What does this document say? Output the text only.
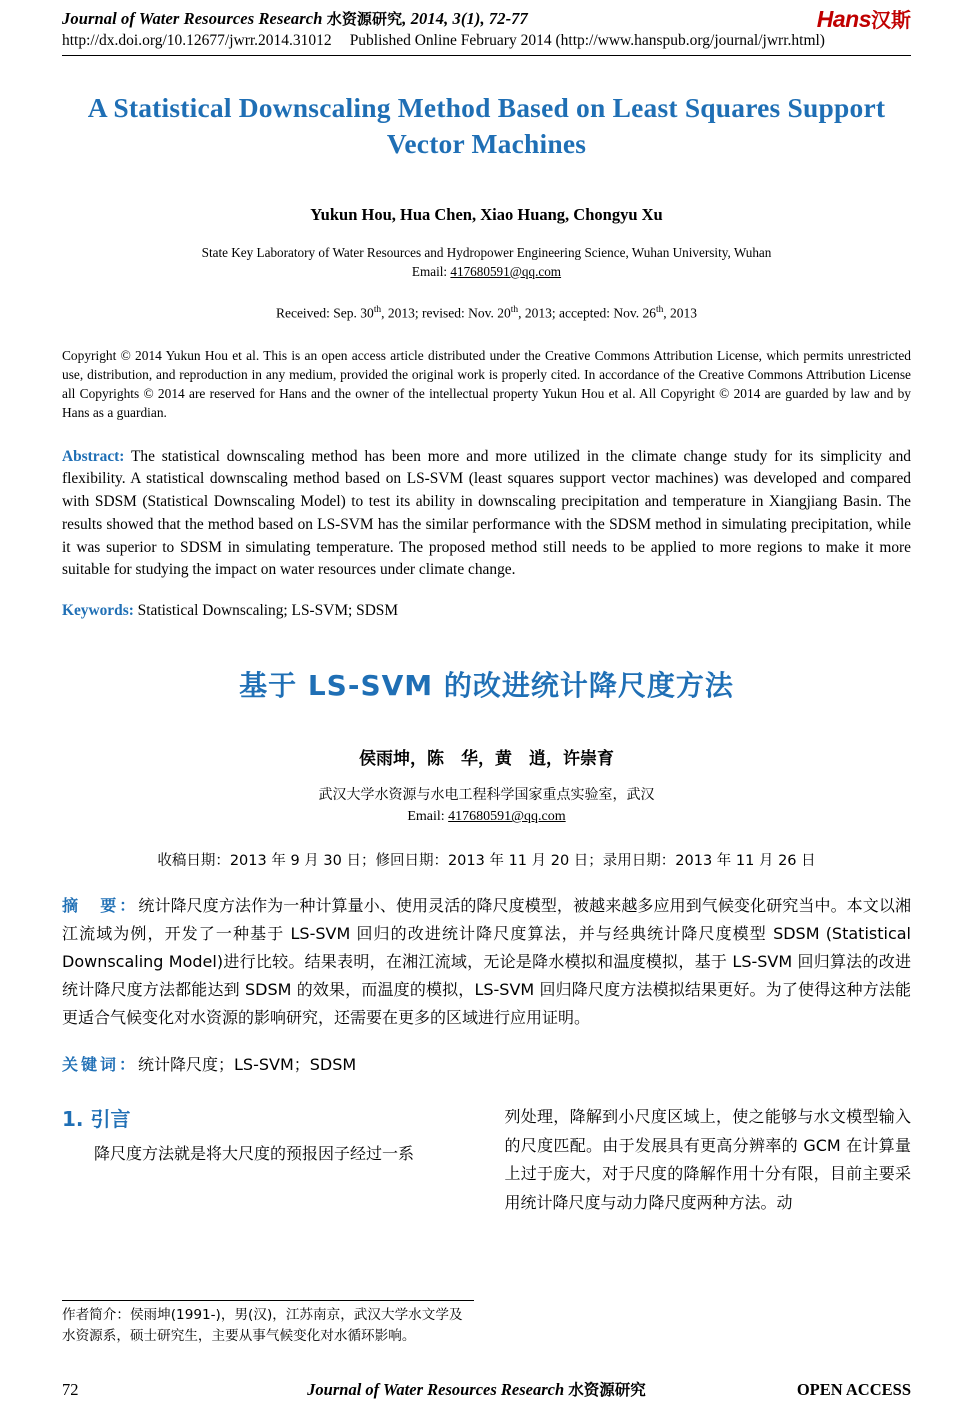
Journal of Water Resources Research 水资源研究, 2014, 3(1), 72-77
http://dx.doi.org/10.12677/jwrr.2014.31012 Published Online February 2014 (http://www.hanspub.org/journal/jwrr.html)
Hans汉斯
A Statistical Downscaling Method Based on Least Squares Support Vector Machines
Yukun Hou, Hua Chen, Xiao Huang, Chongyu Xu
State Key Laboratory of Water Resources and Hydropower Engineering Science, Wuhan University, Wuhan
Email: 417680591@qq.com
Received: Sep. 30th, 2013; revised: Nov. 20th, 2013; accepted: Nov. 26th, 2013
Copyright © 2014 Yukun Hou et al. This is an open access article distributed under the Creative Commons Attribution License, which permits unrestricted use, distribution, and reproduction in any medium, provided the original work is properly cited. In accordance of the Creative Commons Attribution License all Copyrights © 2014 are reserved for Hans and the owner of the intellectual property Yukun Hou et al. All Copyright © 2014 are guarded by law and by Hans as a guardian.
Abstract: The statistical downscaling method has been more and more utilized in the climate change study for its simplicity and flexibility. A statistical downscaling method based on LS-SVM (least squares support vector machines) was developed and compared with SDSM (Statistical Downscaling Model) to test its ability in downscaling precipitation and temperature in Xiangjiang Basin. The results showed that the method based on LS-SVM has the similar performance with the SDSM method in simulating precipitation, while it was superior to SDSM in simulating temperature. The proposed method still needs to be applied to more regions to make it more suitable for studying the impact on water resources under climate change.
Keywords: Statistical Downscaling; LS-SVM; SDSM
基于 LS-SVM 的改进统计降尺度方法
侯雨坤，陈　华，黄　逍，许崇育
武汉大学水资源与水电工程科学国家重点实验室，武汉
Email: 417680591@qq.com
收稿日期：2013 年 9 月 30 日；修回日期：2013 年 11 月 20 日；录用日期：2013 年 11 月 26 日
摘　要：统计降尺度方法作为一种计算量小、使用灵活的降尺度模型，被越来越多应用到气候变化研究当中。本文以湘江流域为例，开发了一种基于 LS-SVM 回归的改进统计降尺度算法，并与经典统计降尺度模型 SDSM (Statistical Downscaling Model)进行比较。结果表明，在湘江流域，无论是降水模拟和温度模拟，基于 LS-SVM 回归算法的改进统计降尺度方法都能达到 SDSM 的效果，而温度的模拟，LS-SVM 回归降尺度方法模拟结果更好。为了使得这种方法能更适合气候变化对水资源的影响研究，还需要在更多的区域进行应用证明。
关键词：统计降尺度；LS-SVM；SDSM
1. 引言
降尺度方法就是将大尺度的预报因子经过一系
列处理，降解到小尺度区域上，使之能够与水文模型输入的尺度匹配。由于发展具有更高分辨率的 GCM 在计算量上过于庞大，对于尺度的降解作用十分有限，目前主要采用统计降尺度与动力降尺度两种方法。动
作者简介：侯雨坤(1991-)，男(汉)，江苏南京，武汉大学水文学及水资源系，硕士研究生，主要从事气候变化对水循环影响。
72	Journal of Water Resources Research 水资源研究	OPEN ACCESS
